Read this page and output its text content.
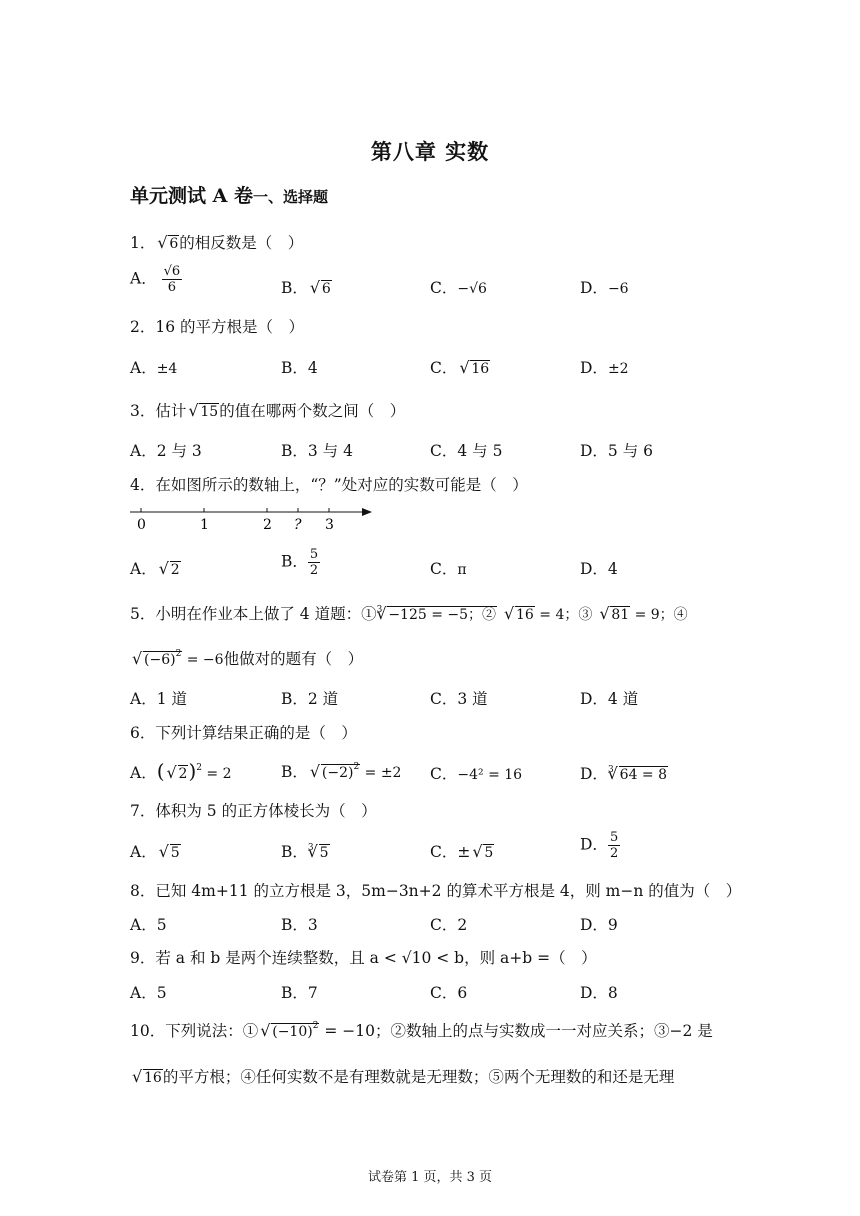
第八章 实数
单元测试 A 卷一、选择题
1． √ 6的相反数是（　）
A． $\frac{√6}{6}$	B． √ 6	C．−√6	D．−6
2．16 的平方根是（　）
A．±4	B．4	C． √ 16	D．±2
3．估计 √ 15的值在哪两个数之间（　）
A．2 与 3	B．3 与 4	C．4 与 5	D．5 与 6
4．在如图所示的数轴上，“？”处对应的实数可能是（　）
0	1	2 ? 3
A． √ 2	B． $\frac{5}{2}$	C．π	D．4
5．小明在作业本上做了 4 道题：①$^3$ √ −125 = −5；② √ 16 = 4；③ √ 81 = 9；④
√ $(-6)^2 = -6$他做对的题有（　）
A．1 道	B．2 道	C．3 道	D．4 道
6．下列计算结果正确的是（　）
A．( √ 2)$^2$ = 2	B． √ $(-2)^2 = \pm 2$ C．−4² = 16	D．$^3$ √ 64 = 8
7．体积为 5 的正方体棱长为（　）
A． √ 5	B．$^3$ √ 5	C．± √ 5	D． $\frac{5}{2}$
8．已知 4m+11 的立方根是 3，5m−3n+2 的算术平方根是 4，则 m−n 的值为（　）
A．5	B．3	C．2	D．9
9．若 a 和 b 是两个连续整数，且 a < √10 < b，则 a+b =（　）
A．5	B．7	C．6	D．8
10．下列说法：① √ $(-10)^2 = -10$；②数轴上的点与实数成一一对应关系；③−2 是
√ 16的平方根；④任何实数不是有理数就是无理数；⑤两个无理数的和还是无理
试卷第 1 页，共 3 页
